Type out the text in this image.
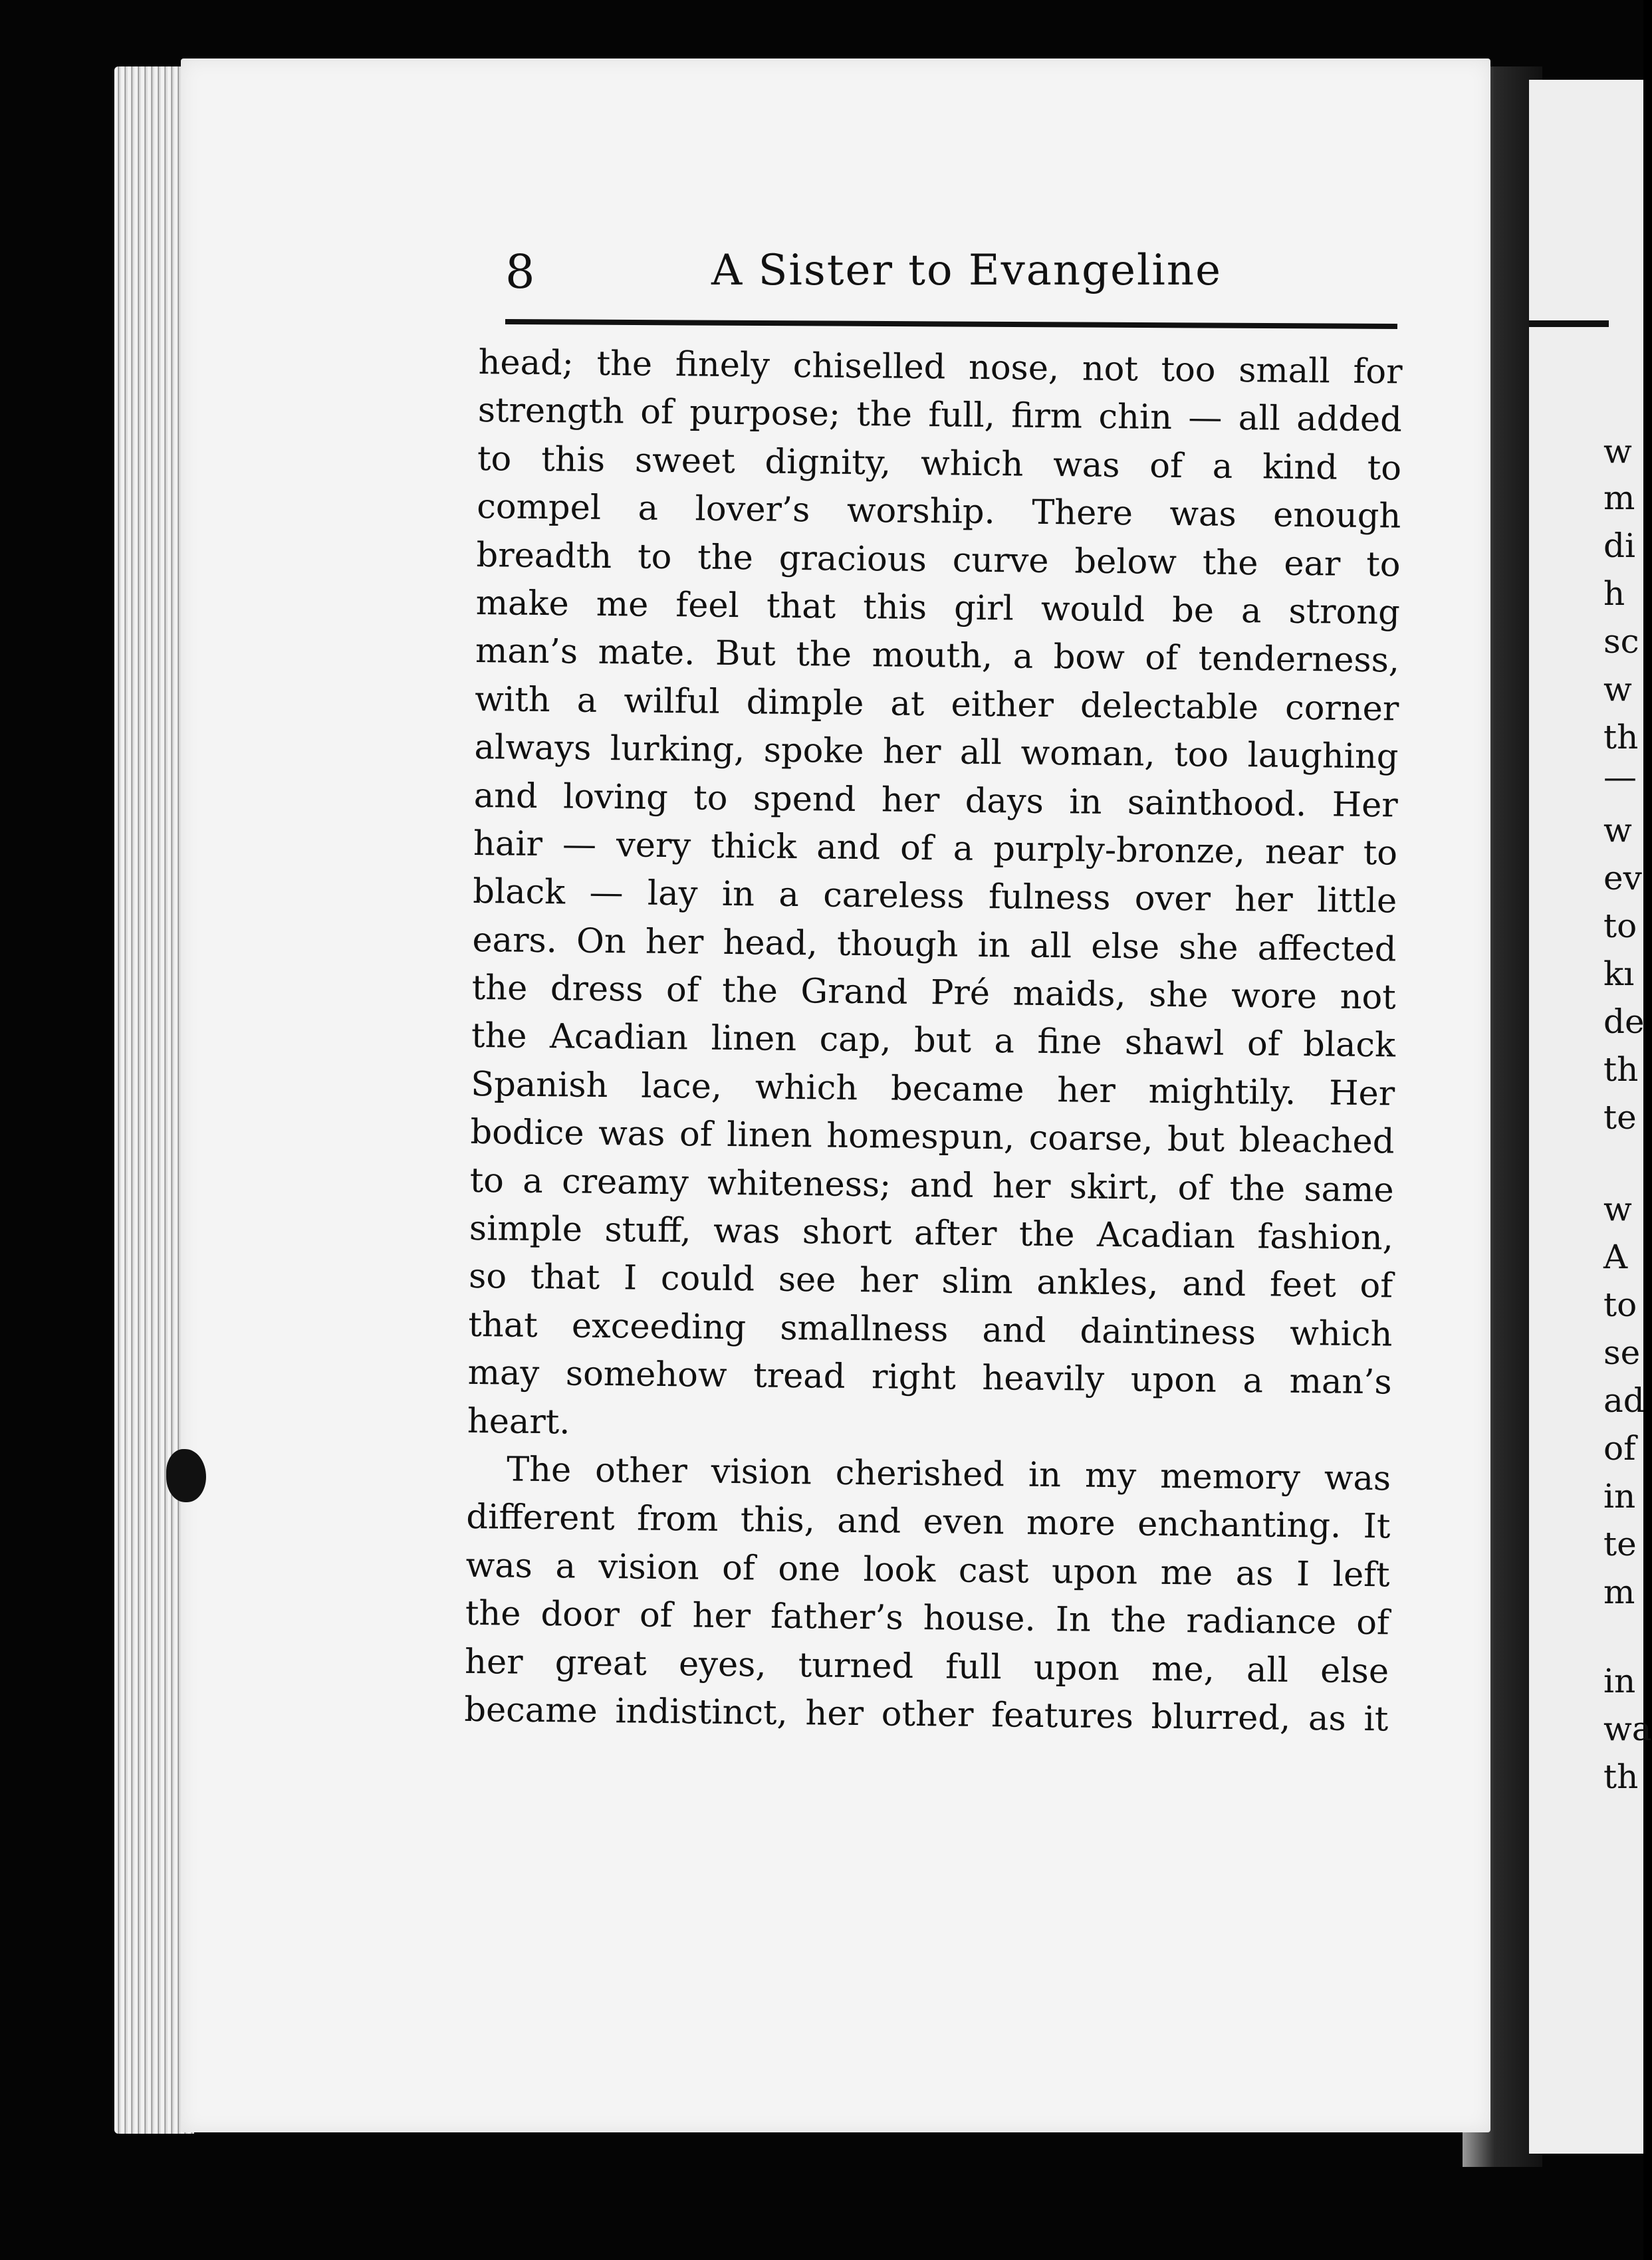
w
m
di
h
sc
w
th
—
w
ev
to
kı
de
th
te
w
A
to
se
ad
of
in
te
m
in
wa
th
8	A Sister to Evangeline
head; the finely chiselled nose, not too small for
strength of purpose; the full, firm chin — all added
to this sweet dignity, which was of a kind to
compel a lover’s worship. There was enough
breadth to the gracious curve below the ear to
make me feel that this girl would be a strong
man’s mate. But the mouth, a bow of tenderness,
with a wilful dimple at either delectable corner
always lurking, spoke her all woman, too laughing
and loving to spend her days in sainthood. Her
hair — very thick and of a purply-bronze, near to
black — lay in a careless fulness over her little
ears. On her head, though in all else she affected
the dress of the Grand Pré maids, she wore not
the Acadian linen cap, but a fine shawl of black
Spanish lace, which became her mightily. Her
bodice was of linen homespun, coarse, but bleached
to a creamy whiteness; and her skirt, of the same
simple stuff, was short after the Acadian fashion,
so that I could see her slim ankles, and feet of
that exceeding smallness and daintiness which
may somehow tread right heavily upon a man’s
heart.
The other vision cherished in my memory was
different from this, and even more enchanting. It
was a vision of one look cast upon me as I left
the door of her father’s house. In the radiance of
her great eyes, turned full upon me, all else
became indistinct, her other features blurred, as it
